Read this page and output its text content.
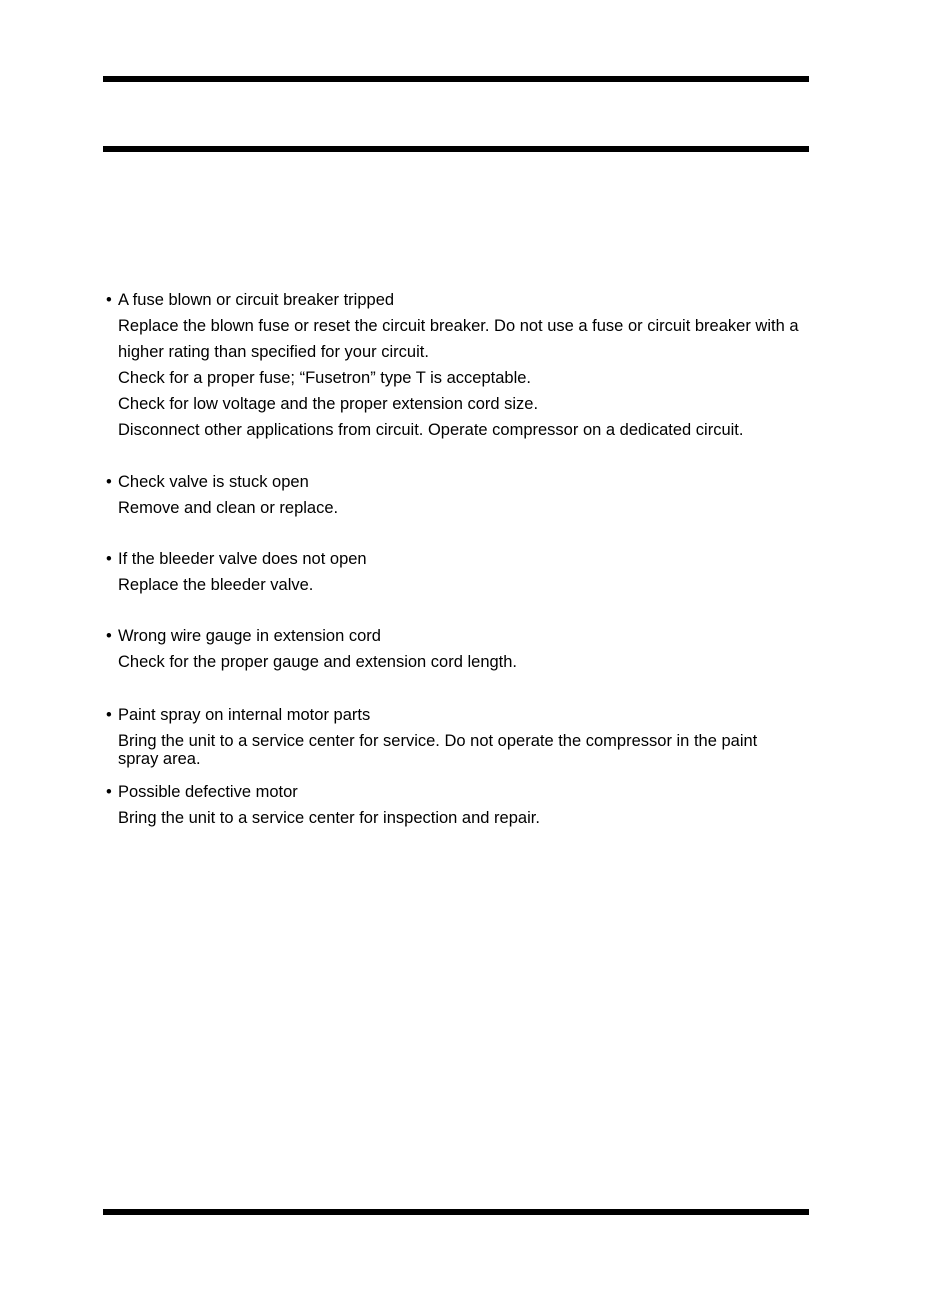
• A fuse blown or circuit breaker tripped
Replace the blown fuse or reset the circuit breaker. Do not use a fuse or circuit breaker with a
higher rating than specified for your circuit.
Check for a proper fuse; “Fusetron” type T is acceptable.
Check for low voltage and the proper extension cord size.
Disconnect other applications from circuit. Operate compressor on a dedicated circuit.
• Check valve is stuck open
Remove and clean or replace.
• If the bleeder valve does not open
Replace the bleeder valve.
• Wrong wire gauge in extension cord
Check for the proper gauge and extension cord length.
• Paint spray on internal motor parts
Bring the unit to a service center for service. Do not operate the compressor in the paint
spray area.
• Possible defective motor
Bring the unit to a service center for inspection and repair.
